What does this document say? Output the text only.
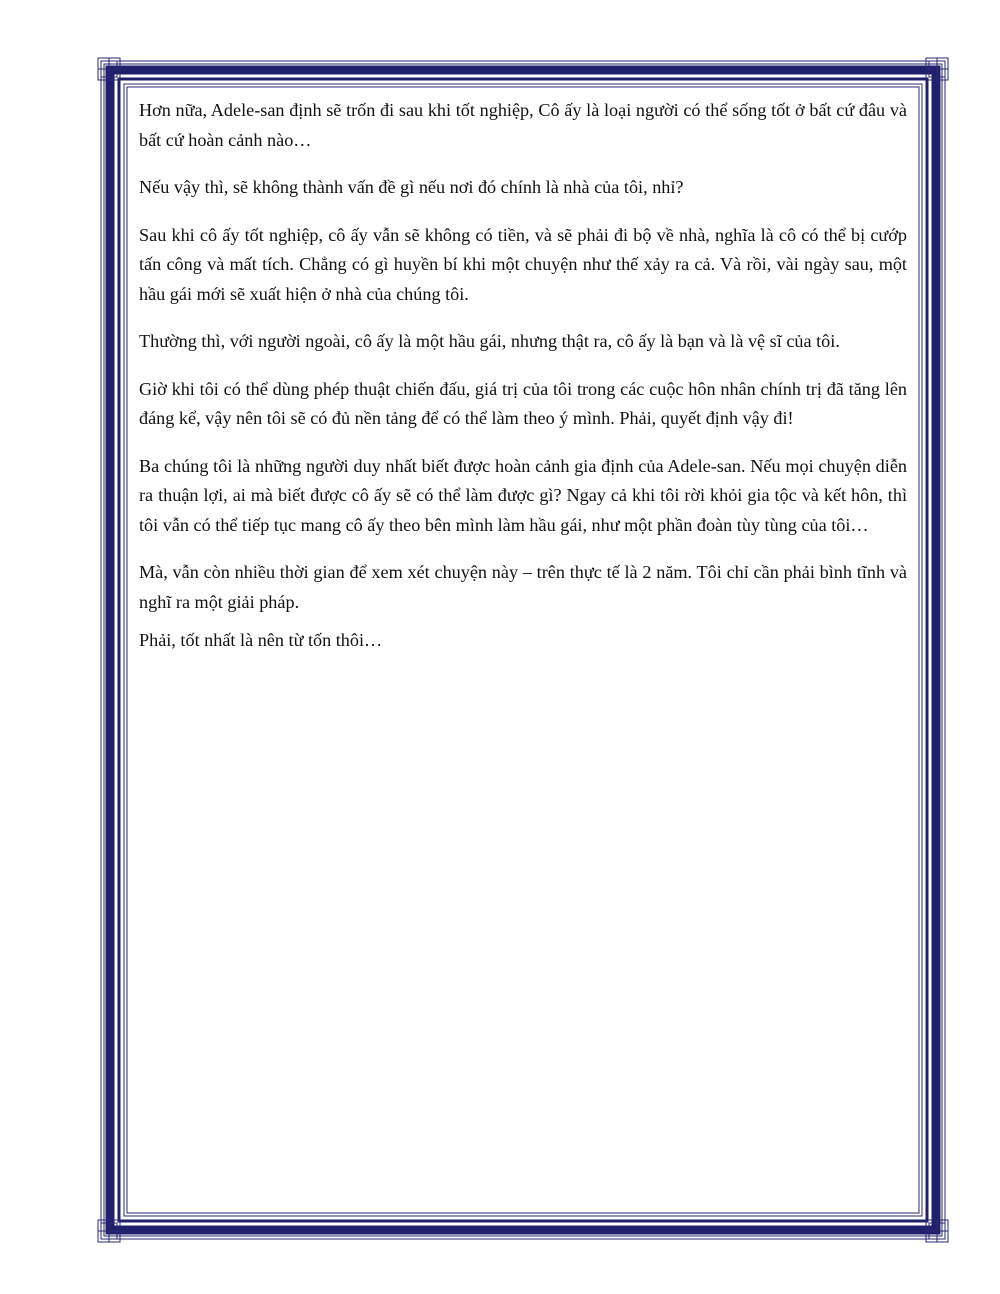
Hơn nữa, Adele-san định sẽ trốn đi sau khi tốt nghiệp, Cô ấy là loại người có thể sống tốt ở bất cứ đâu và bất cứ hoàn cảnh nào…

Nếu vậy thì, sẽ không thành vấn đề gì nếu nơi đó chính là nhà của tôi, nhỉ?

Sau khi cô ấy tốt nghiệp, cô ấy vẫn sẽ không có tiền, và sẽ phải đi bộ về nhà, nghĩa là cô có thể bị cướp tấn công và mất tích. Chẳng có gì huyền bí khi một chuyện như thế xảy ra cả. Và rồi, vài ngày sau, một hầu gái mới sẽ xuất hiện ở nhà của chúng tôi.

Thường thì, với người ngoài, cô ấy là một hầu gái, nhưng thật ra, cô ấy là bạn và là vệ sĩ của tôi.

Giờ khi tôi có thể dùng phép thuật chiến đấu, giá trị của tôi trong các cuộc hôn nhân chính trị đã tăng lên đáng kể, vậy nên tôi sẽ có đủ nền tảng để có thể làm theo ý mình. Phải, quyết định vậy đi!

Ba chúng tôi là những người duy nhất biết được hoàn cảnh gia định của Adele-san. Nếu mọi chuyện diễn ra thuận lợi, ai mà biết được cô ấy sẽ có thể làm được gì? Ngay cả khi tôi rời khỏi gia tộc và kết hôn, thì tôi vẫn có thể tiếp tục mang cô ấy theo bên mình làm hầu gái, như một phần đoàn tùy tùng của tôi…

Mà, vẫn còn nhiều thời gian để xem xét chuyện này – trên thực tế là 2 năm. Tôi chỉ cần phải bình tĩnh và nghĩ ra một giải pháp.

Phải, tốt nhất là nên từ tốn thôi…
